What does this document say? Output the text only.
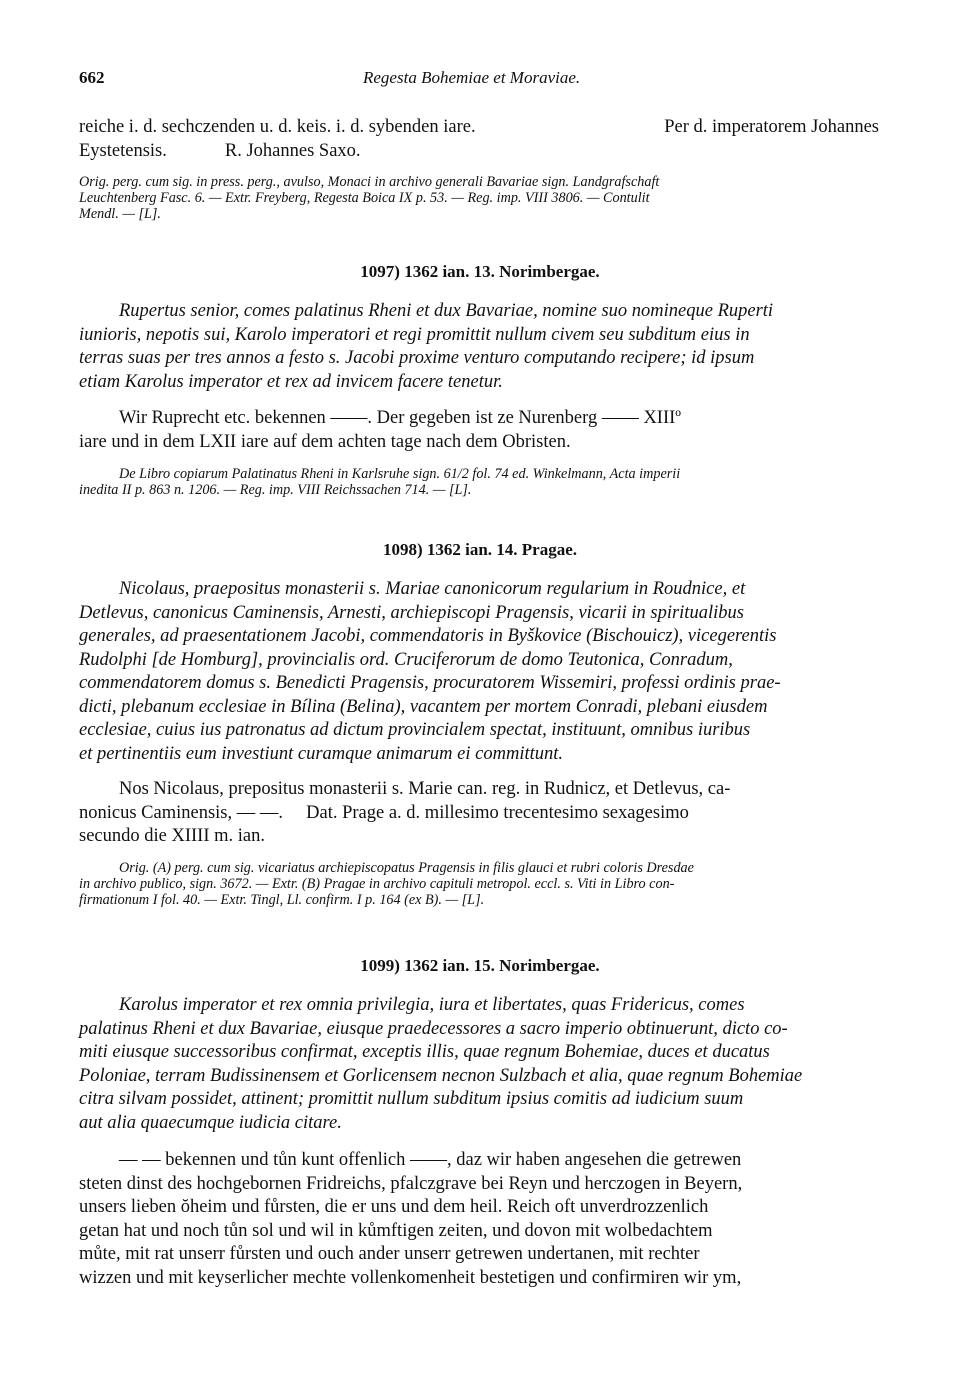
662	Regesta Bohemiae et Moraviae.
reiche i. d. sechczenden u. d. keis. i. d. sybenden iare.	Per d. imperatorem Johannes
Eystetensis.	R. Johannes Saxo.
Orig. perg. cum sig. in press. perg., avulso, Monaci in archivo generali Bavariae sign. Landgrafschaft
Leuchtenberg Fasc. 6. — Extr. Freyberg, Regesta Boica IX p. 53. — Reg. imp. VIII 3806. — Contulit
Mendl. — [L].
1097) 1362 ian. 13. Norimbergae.
Rupertus senior, comes palatinus Rheni et dux Bavariae, nomine suo nomineque Ruperti
iunioris, nepotis sui, Karolo imperatori et regi promittit nullum civem seu subditum eius in
terras suas per tres annos a festo s. Jacobi proxime venturo computando recipere; id ipsum
etiam Karolus imperator et rex ad invicem facere tenetur.
Wir Ruprecht etc. bekennen ——. Der gegeben ist ze Nurenberg —— XIIIº
iare und in dem LXII iare auf dem achten tage nach dem Obristen.
De Libro copiarum Palatinatus Rheni in Karlsruhe sign. 61/2 fol. 74 ed. Winkelmann, Acta imperii
inedita II p. 863 n. 1206. — Reg. imp. VIII Reichssachen 714. — [L].
1098) 1362 ian. 14. Pragae.
Nicolaus, praepositus monasterii s. Mariae canonicorum regularium in Roudnice, et
Detlevus, canonicus Caminensis, Arnesti, archiepiscopi Pragensis, vicarii in spiritualibus
generales, ad praesentationem Jacobi, commendatoris in Byškovice (Bischouicz), vicegerentis
Rudolphi [de Homburg], provincialis ord. Cruciferorum de domo Teutonica, Conradum,
commendatorem domus s. Benedicti Pragensis, procuratorem Wissemiri, professi ordinis prae-
dicti, plebanum ecclesiae in Bílina (Belina), vacantem per mortem Conradi, plebani eiusdem
ecclesiae, cuius ius patronatus ad dictum provincialem spectat, instituunt, omnibus iuribus
et pertinentiis eum investiunt curamque animarum ei committunt.
Nos Nicolaus, prepositus monasterii s. Marie can. reg. in Rudnicz, et Detlevus, ca-
nonicus Caminensis, — —.     Dat. Prage a. d. millesimo trecentesimo sexagesimo
secundo die XIIII m. ian.
Orig. (A) perg. cum sig. vicariatus archiepiscopatus Pragensis in filis glauci et rubri coloris Dresdae
in archivo publico, sign. 3672. — Extr. (B) Pragae in archivo capituli metropol. eccl. s. Viti in Libro con-
firmationum I fol. 40. — Extr. Tingl, Ll. confirm. I p. 164 (ex B). — [L].
1099) 1362 ian. 15. Norimbergae.
Karolus imperator et rex omnia privilegia, iura et libertates, quas Fridericus, comes
palatinus Rheni et dux Bavariae, eiusque praedecessores a sacro imperio obtinuerunt, dicto co-
miti eiusque successoribus confirmat, exceptis illis, quae regnum Bohemiae, duces et ducatus
Poloniae, terram Budissinensem et Gorlicensem necnon Sulzbach et alia, quae regnum Bohemiae
citra silvam possidet, attinent; promittit nullum subditum ipsius comitis ad iudicium suum
aut alia quaecumque iudicia citare.
— — bekennen und tůn kunt offenlich ——, daz wir haben angesehen die getrewen
steten dinst des hochgebornen Fridreichs, pfalczgrave bei Reyn und herczogen in Beyern,
unsers lieben ŏheim und fůrsten, die er uns und dem heil. Reich oft unverdrozzenlich
getan hat und noch tůn sol und wil in kůmftigen zeiten, und dovon mit wolbedachtem
můte, mit rat unserr fůrsten und ouch ander unserr getrewen undertanen, mit rechter
wizzen und mit keyserlicher mechte vollenkomenheit bestetigen und confirmiren wir ym,
